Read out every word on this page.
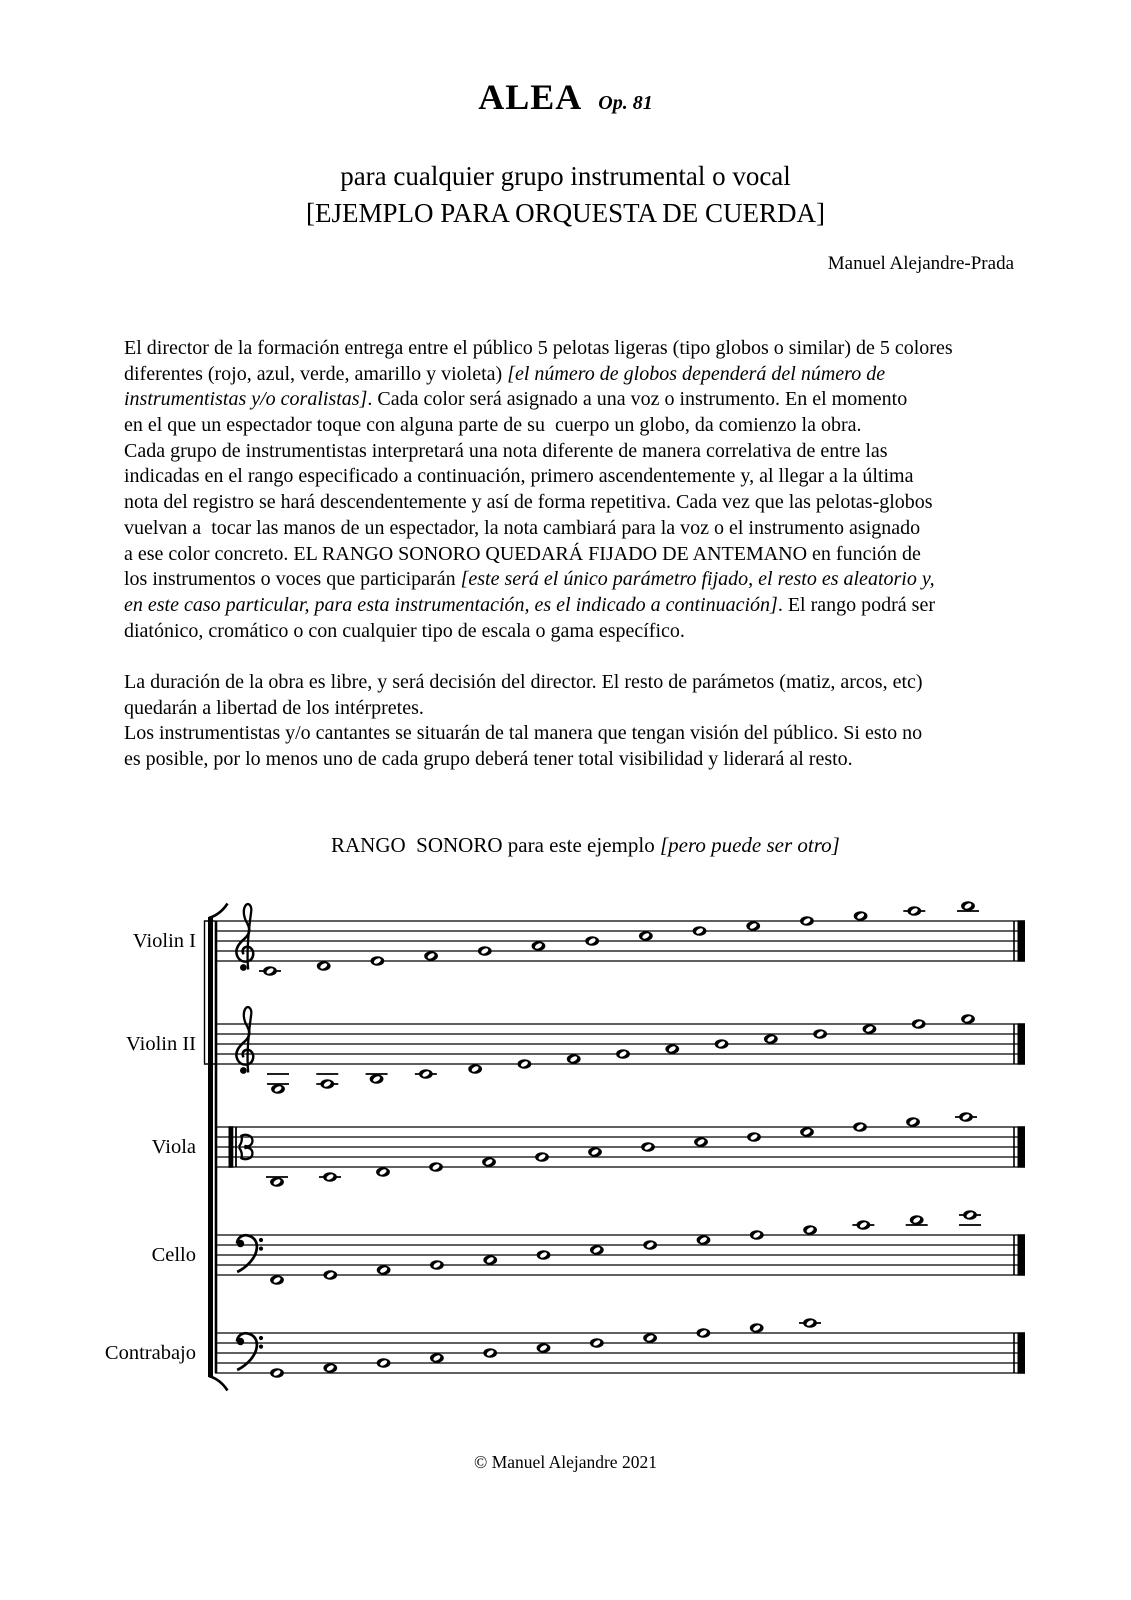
ALEA Op. 81
para cualquier grupo instrumental o vocal
[EJEMPLO PARA ORQUESTA DE CUERDA]
Manuel Alejandre-Prada
El director de la formación entrega entre el público 5 pelotas ligeras (tipo globos o similar) de 5 colores
diferentes (rojo, azul, verde, amarillo y violeta) [el número de globos dependerá del número de
instrumentistas y/o coralistas]. Cada color será asignado a una voz o instrumento. En el momento
en el que un espectador toque con alguna parte de su  cuerpo un globo, da comienzo la obra.
Cada grupo de instrumentistas interpretará una nota diferente de manera correlativa de entre las
indicadas en el rango especificado a continuación, primero ascendentemente y, al llegar a la última
nota del registro se hará descendentemente y así de forma repetitiva. Cada vez que las pelotas-globos
vuelvan a  tocar las manos de un espectador, la nota cambiará para la voz o el instrumento asignado
a ese color concreto. EL RANGO SONORO QUEDARÁ FIJADO DE ANTEMANO en función de
los instrumentos o voces que participarán [este será el único parámetro fijado, el resto es aleatorio y,
en este caso particular, para esta instrumentación, es el indicado a continuación]. El rango podrá ser
diatónico, cromático o con cualquier tipo de escala o gama específico.
La duración de la obra es libre, y será decisión del director. El resto de parámetos (matiz, arcos, etc)
quedarán a libertad de los intérpretes.
Los instrumentistas y/o cantantes se situarán de tal manera que tengan visión del público. Si esto no
es posible, por lo menos uno de cada grupo deberá tener total visibilidad y liderará al resto.
RANGO  SONORO para este ejemplo [pero puede ser otro]
Violin I
Violin II
Viola
Cello
Contrabajo
© Manuel Alejandre 2021
